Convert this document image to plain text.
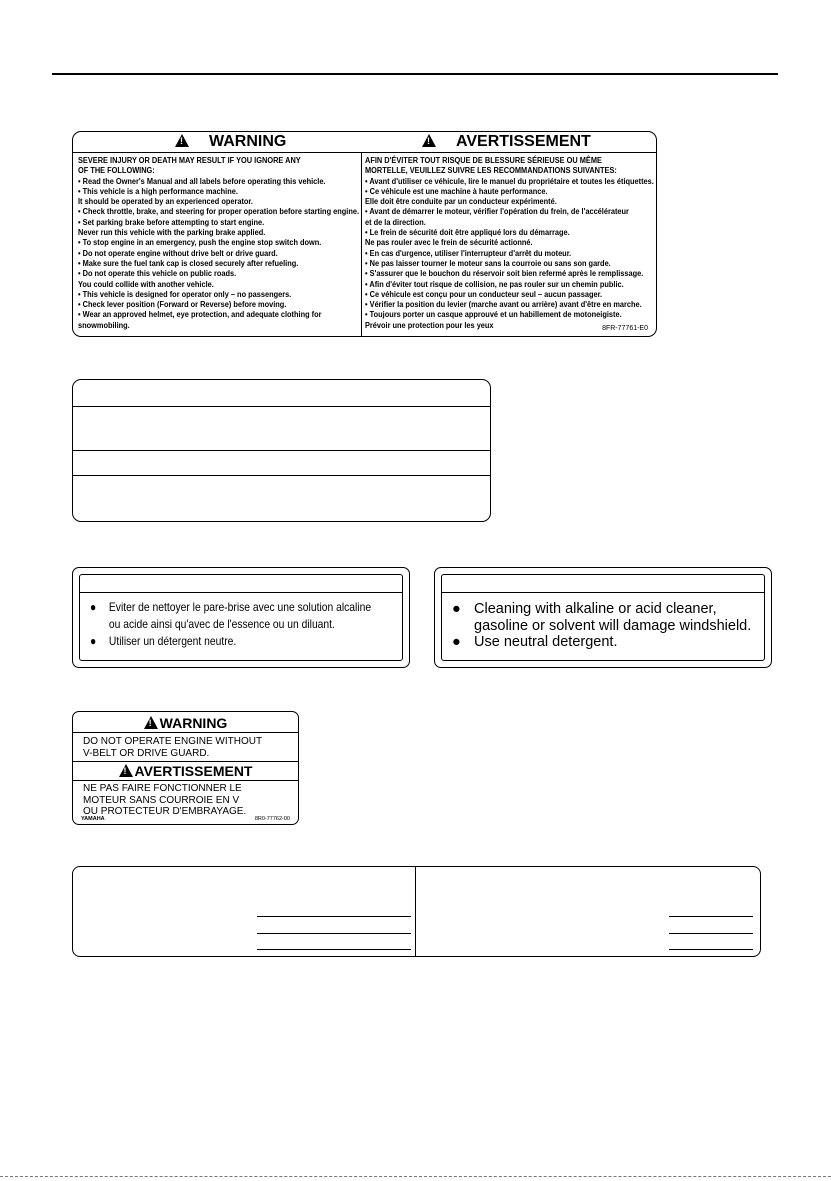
!WARNING
!	AVERTISSEMENT
SEVERE INJURY OR DEATH MAY RESULT IF YOU IGNORE ANY
OF THE FOLLOWING:
• Read the Owner's Manual and all labels before operating this vehicle.
• This vehicle is a high performance machine.
It should be operated by an experienced operator.
• Check throttle, brake, and steering for proper operation before starting engine.
• Set parking brake before attempting to start engine.
Never run this vehicle with the parking brake applied.
• To stop engine in an emergency, push the engine stop switch down.
• Do not operate engine without drive belt or drive guard.
• Make sure the fuel tank cap is closed securely after refueling.
• Do not operate this vehicle on public roads.
You could collide with another vehicle.
• This vehicle is designed for operator only – no passengers.
• Check lever position (Forward or Reverse) before moving.
• Wear an approved helmet, eye protection, and adequate clothing for
snowmobiling.
AFIN D'ÉVITER TOUT RISQUE DE BLESSURE SÉRIEUSE OU MÊME
MORTELLE, VEUILLEZ SUIVRE LES RECOMMANDATIONS SUIVANTES:
• Avant d'utiliser ce véhicule, lire le manuel du propriétaire et toutes les étiquettes.
• Ce véhicule est une machine à haute performance.
Elle doit être conduite par un conducteur expérimenté.
• Avant de démarrer le moteur, vérifier l'opération du frein, de l'accélérateur
et de la direction.
• Le frein de sécurité doit être appliqué lors du démarrage.
Ne pas rouler avec le frein de sécurité actionné.
• En cas d'urgence, utiliser l'interrupteur d'arrêt du moteur.
• Ne pas laisser tourner le moteur sans la courroie ou sans son garde.
• S'assurer que le bouchon du réservoir soit bien refermé après le remplissage.
• Afin d'éviter tout risque de collision, ne pas rouler sur un chemin public.
• Ce véhicule est conçu pour un conducteur seul – aucun passager.
• Vérifier la position du levier (marche avant ou arrière) avant d'être en marche.
• Toujours porter un casque approuvé et un habillement de motoneigiste.
Prévoir une protection pour les yeux	8FR-77761-E0
● Eviter de nettoyer le pare-brise avec une solution alcaline
ou acide ainsi qu'avec de l'essence ou un diluant.
● Utiliser un détergent neutre.
● Cleaning with alkaline or acid cleaner,
gasoline or solvent will damage windshield.
● Use neutral detergent.
!WARNING
DO NOT OPERATE ENGINE WITHOUT
V-BELT OR DRIVE GUARD.
!AVERTISSEMENT
NE PAS FAIRE FONCTIONNER LE
MOTEUR SANS COURROIE EN V
OU PROTECTEUR D'EMBRAYAGE.
YAMAHA	8R0-77762-00
